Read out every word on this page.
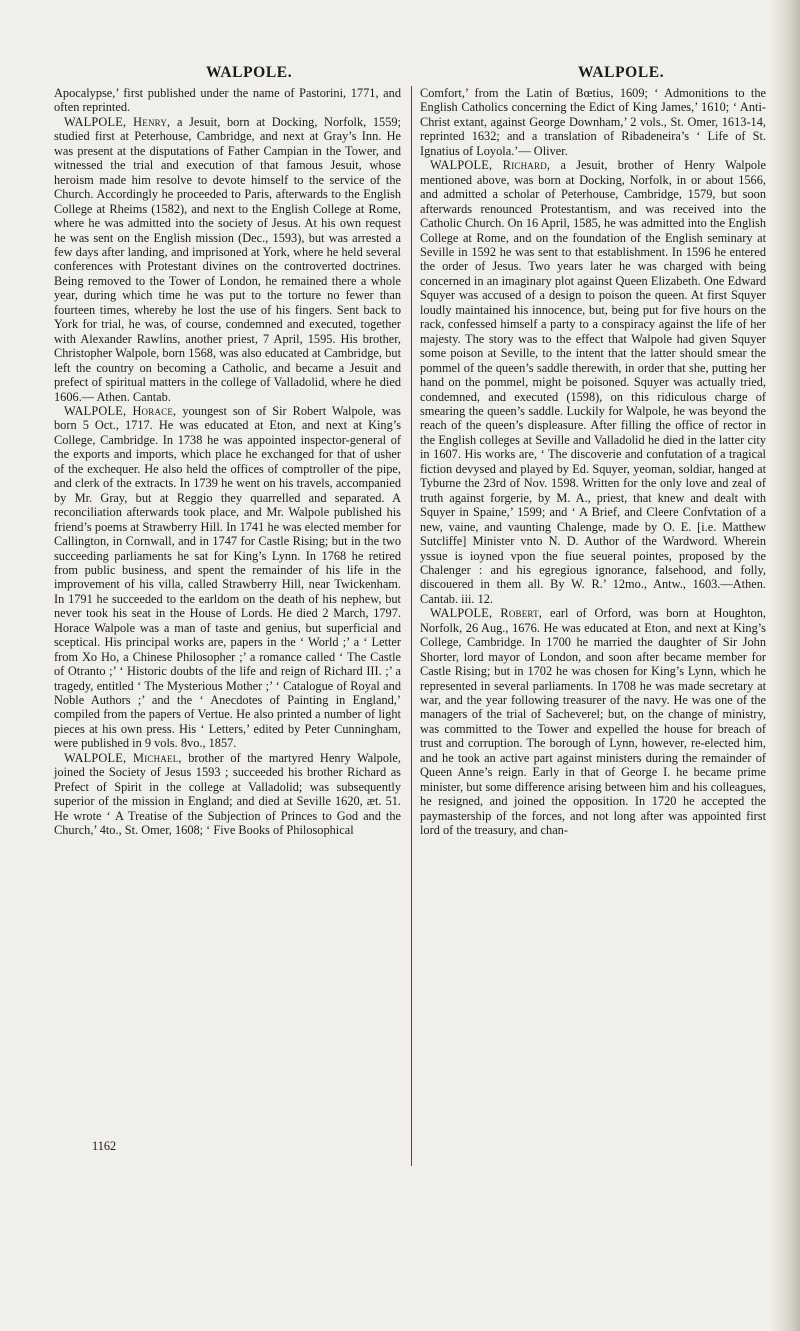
WALPOLE.	WALPOLE.

Apocalypse,’ first published under the name of Pastorini, 1771, and often reprinted.

WALPOLE, Henry, a Jesuit, born at Docking, Norfolk, 1559; studied first at Peterhouse, Cambridge, and next at Gray’s Inn. He was present at the disputations of Father Campian in the Tower, and witnessed the trial and execution of that famous Jesuit, whose heroism made him resolve to devote himself to the service of the Church. Accordingly he proceeded to Paris, afterwards to the English College at Rheims (1582), and next to the English College at Rome, where he was admitted into the society of Jesus. At his own request he was sent on the English mission (Dec., 1593), but was arrested a few days after landing, and imprisoned at York, where he held several conferences with Protestant divines on the controverted doctrines. Being removed to the Tower of London, he remained there a whole year, during which time he was put to the torture no fewer than fourteen times, whereby he lost the use of his fingers. Sent back to York for trial, he was, of course, condemned and executed, together with Alexander Rawlins, another priest, 7 April, 1595. His brother, Christopher Walpole, born 1568, was also educated at Cambridge, but left the country on becoming a Catholic, and became a Jesuit and prefect of spiritual matters in the college of Valladolid, where he died 1606.— Athen. Cantab.

WALPOLE, Horace, youngest son of Sir Robert Walpole, was born 5 Oct., 1717. He was educated at Eton, and next at King’s College, Cambridge. In 1738 he was appointed inspector-general of the exports and imports, which place he exchanged for that of usher of the exchequer. He also held the offices of comptroller of the pipe, and clerk of the extracts. In 1739 he went on his travels, accompanied by Mr. Gray, but at Reggio they quarrelled and separated. A reconciliation afterwards took place, and Mr. Walpole published his friend’s poems at Strawberry Hill. In 1741 he was elected member for Callington, in Cornwall, and in 1747 for Castle Rising; but in the two succeeding parliaments he sat for King’s Lynn. In 1768 he retired from public business, and spent the remainder of his life in the improvement of his villa, called Strawberry Hill, near Twickenham. In 1791 he succeeded to the earldom on the death of his nephew, but never took his seat in the House of Lords. He died 2 March, 1797. Horace Walpole was a man of taste and genius, but superficial and sceptical. His principal works are, papers in the ‘ World ;’ a ‘ Letter from Xo Ho, a Chinese Philosopher ;’ a romance called ‘ The Castle of Otranto ;’ ‘ Historic doubts of the life and reign of Richard III. ;’ a tragedy, entitled ‘ The Mysterious Mother ;’ ‘ Catalogue of Royal and Noble Authors ;’ and the ‘ Anecdotes of Painting in England,’ compiled from the papers of Vertue. He also printed a number of light pieces at his own press. His ‘ Letters,’ edited by Peter Cunningham, were published in 9 vols. 8vo., 1857.

WALPOLE, Michael, brother of the martyred Henry Walpole, joined the Society of Jesus 1593 ; succeeded his brother Richard as Prefect of Spirit in the college at Valladolid; was subsequently superior of the mission in England; and died at Seville 1620, æt. 51. He wrote ‘ A Treatise of the Subjection of Princes to God and the Church,’ 4to., St. Omer, 1608; ‘ Five Books of Philosophical

1162

Comfort,’ from the Latin of Bœtius, 1609; ‘ Admonitions to the English Catholics concerning the Edict of King James,’ 1610; ‘ Anti-Christ extant, against George Downham,’ 2 vols., St. Omer, 1613-14, reprinted 1632; and a translation of Ribadeneira’s ‘ Life of St. Ignatius of Loyola.’— Oliver.

WALPOLE, Richard, a Jesuit, brother of Henry Walpole mentioned above, was born at Docking, Norfolk, in or about 1566, and admitted a scholar of Peterhouse, Cambridge, 1579, but soon afterwards renounced Protestantism, and was received into the Catholic Church. On 16 April, 1585, he was admitted into the English College at Rome, and on the foundation of the English seminary at Seville in 1592 he was sent to that establishment. In 1596 he entered the order of Jesus. Two years later he was charged with being concerned in an imaginary plot against Queen Elizabeth. One Edward Squyer was accused of a design to poison the queen. At first Squyer loudly maintained his innocence, but, being put for five hours on the rack, confessed himself a party to a conspiracy against the life of her majesty. The story was to the effect that Walpole had given Squyer some poison at Seville, to the intent that the latter should smear the pommel of the queen’s saddle therewith, in order that she, putting her hand on the pommel, might be poisoned. Squyer was actually tried, condemned, and executed (1598), on this ridiculous charge of smearing the queen’s saddle. Luckily for Walpole, he was beyond the reach of the queen’s displeasure. After filling the office of rector in the English colleges at Seville and Valladolid he died in the latter city in 1607. His works are, ‘ The discoverie and confutation of a tragical fiction devysed and played by Ed. Squyer, yeoman, soldiar, hanged at Tyburne the 23rd of Nov. 1598. Written for the only love and zeal of truth against forgerie, by M. A., priest, that knew and dealt with Squyer in Spaine,’ 1599; and ‘ A Brief, and Cleere Confvtation of a new, vaine, and vaunting Chalenge, made by O. E. [i.e. Matthew Sutcliffe] Minister vnto N. D. Author of the Wardword. Wherein yssue is ioyned vpon the fiue seueral pointes, proposed by the Chalenger : and his egregious ignorance, falsehood, and folly, discouered in them all. By W. R.’ 12mo., Antw., 1603.—Athen. Cantab. iii. 12.

WALPOLE, Robert, earl of Orford, was born at Houghton, Norfolk, 26 Aug., 1676. He was educated at Eton, and next at King’s College, Cambridge. In 1700 he married the daughter of Sir John Shorter, lord mayor of London, and soon after became member for Castle Rising; but in 1702 he was chosen for King’s Lynn, which he represented in several parliaments. In 1708 he was made secretary at war, and the year following treasurer of the navy. He was one of the managers of the trial of Sacheverel; but, on the change of ministry, was committed to the Tower and expelled the house for breach of trust and corruption. The borough of Lynn, however, re-elected him, and he took an active part against ministers during the remainder of Queen Anne’s reign. Early in that of George I. he became prime minister, but some difference arising between him and his colleagues, he resigned, and joined the opposition. In 1720 he accepted the paymastership of the forces, and not long after was appointed first lord of the treasury, and chan-
